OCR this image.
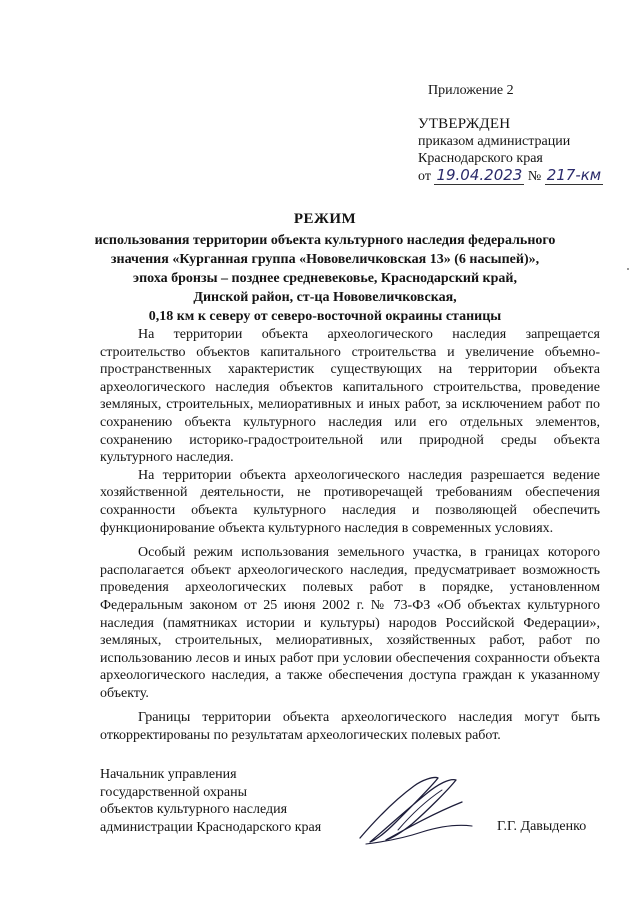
Приложение 2
УТВЕРЖДЕН
приказом администрации
Краснодарского края
от 19.04.2023 № 217-км
РЕЖИМ
использования территории объекта культурного наследия федерального
значения «Курганная группа «Нововеличковская 13» (6 насыпей)»,
эпоха бронзы – позднее средневековье, Краснодарский край,
Динской район, ст-ца Нововеличковская,
0,18 км к северу от северо-восточной окраины станицы

На территории объекта археологического наследия запрещается строительство объектов капитального строительства и увеличение объемно-пространственных характеристик существующих на территории объекта археологического наследия объектов капитального строительства, проведение земляных, строительных, мелиоративных и иных работ, за исключением работ по сохранению объекта культурного наследия или его отдельных элементов, сохранению историко-градостроительной или природной среды объекта культурного наследия.

На территории объекта археологического наследия разрешается ведение хозяйственной деятельности, не противоречащей требованиям обеспечения сохранности объекта культурного наследия и позволяющей обеспечить функционирование объекта культурного наследия в современных условиях.

Особый режим использования земельного участка, в границах которого располагается объект археологического наследия, предусматривает возможность проведения археологических полевых работ в порядке, установленном Федеральным законом от 25 июня 2002 г. № 73-ФЗ «Об объектах культурного наследия (памятниках истории и культуры) народов Российской Федерации», земляных, строительных, мелиоративных, хозяйственных работ, работ по использованию лесов и иных работ при условии обеспечения сохранности объекта археологического наследия, а также обеспечения доступа граждан к указанному объекту.

Границы территории объекта археологического наследия могут быть откорректированы по результатам археологических полевых работ.

Начальник управления
государственной охраны
объектов культурного наследия
администрации Краснодарского края	Г.Г. Давыденко
